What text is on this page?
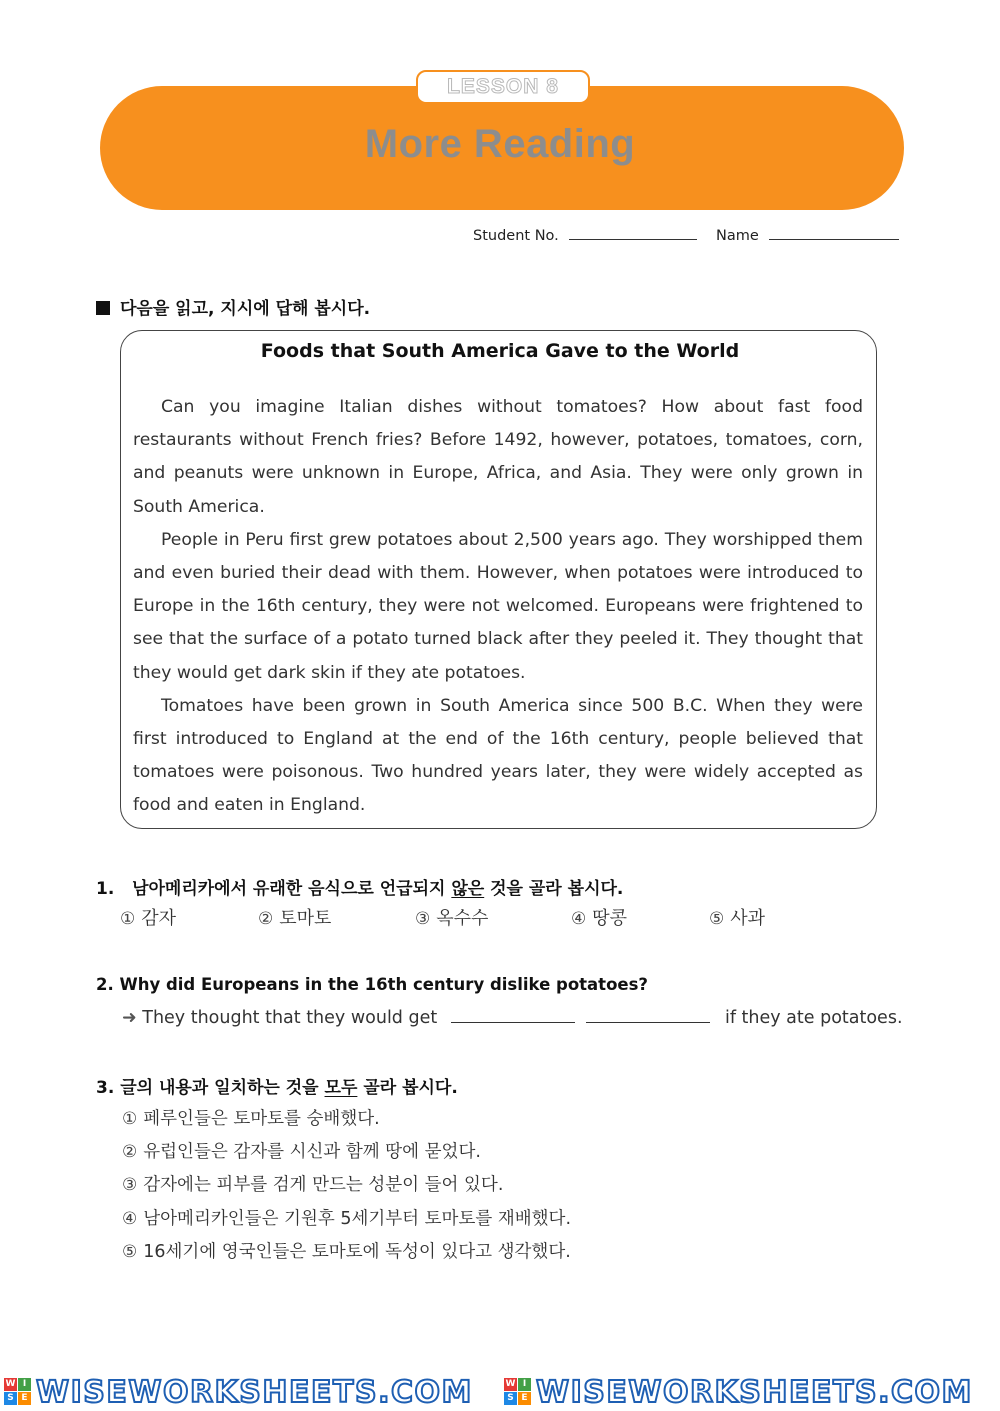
More Reading
LESSON 8
Student No.	Name
다음을 읽고, 지시에 답해 봅시다.
Foods that South America Gave to the World

Can you imagine Italian dishes without tomatoes? How about fast food restaurants without French fries? Before 1492, however, potatoes, tomatoes, corn, and peanuts were unknown in Europe, Africa, and Asia. They were only grown in South America.

People in Peru first grew potatoes about 2,500 years ago. They worshipped them and even buried their dead with them. However, when potatoes were introduced to Europe in the 16th century, they were not welcomed. Europeans were frightened to see that the surface of a potato turned black after they peeled it. They thought that they would get dark skin if they ate potatoes.

Tomatoes have been grown in South America since 500 B.C. When they were first introduced to England at the end of the 16th century, people believed that tomatoes were poisonous. Two hundred years later, they were widely accepted as food and eaten in England.

1. 남아메리카에서 유래한 음식으로 언급되지 않은 것을 골라 봅시다.
① 감자	② 토마토	③ 옥수수	④ 땅콩	⑤ 사과
2. Why did Europeans in the 16th century dislike potatoes?
➜ They thought that they would get	if they ate potatoes.
3. 글의 내용과 일치하는 것을 모두 골라 봅시다.
① 페루인들은 토마토를 숭배했다.
② 유럽인들은 감자를 시신과 함께 땅에 묻었다.
③ 감자에는 피부를 검게 만드는 성분이 들어 있다.
④ 남아메리카인들은 기원후 5세기부터 토마토를 재배했다.
⑤ 16세기에 영국인들은 토마토에 독성이 있다고 생각했다.
W I
S E WISEWORKSHEETS.COM	W I
S E WISEWORKSHEETS.COM
